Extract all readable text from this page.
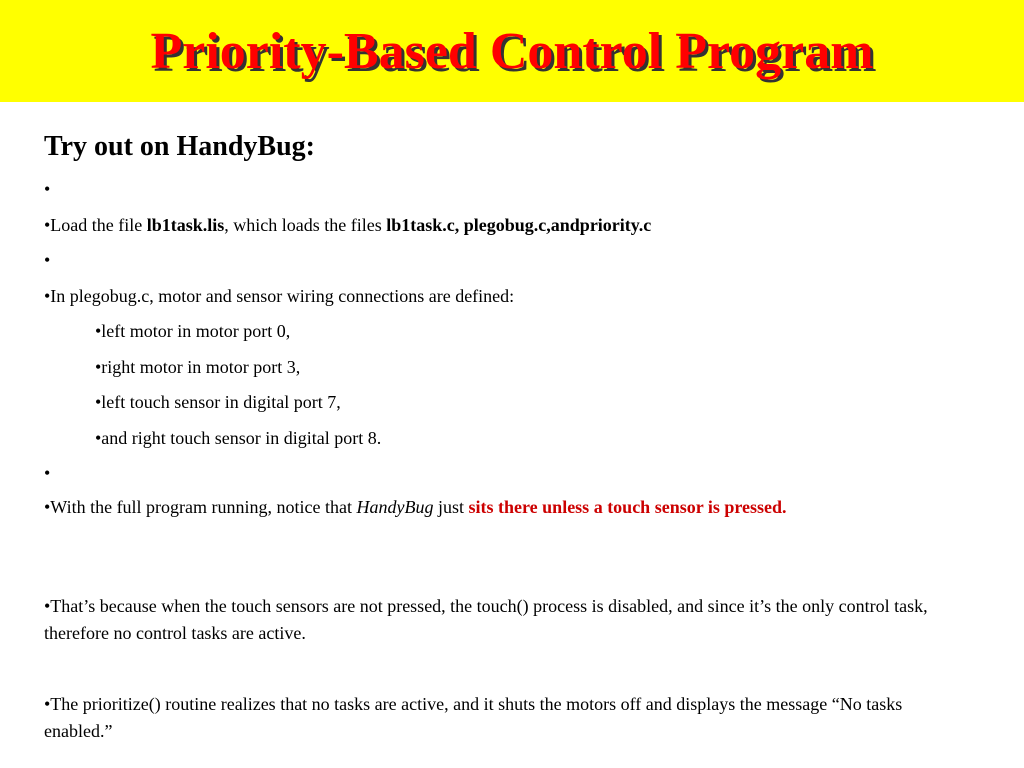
Priority-Based Control Program
Try out on HandyBug:
•
•Load the file lb1task.lis, which loads the files lb1task.c, plegobug.c,andpriority.c
•
•In plegobug.c, motor and sensor wiring connections are defined:
•left motor in motor port 0,
•right motor in motor port 3,
•left touch sensor in digital port 7,
•and right touch sensor in digital port 8.
•
•With the full program running, notice that HandyBug just sits there unless a touch sensor is pressed.
•That’s because when the touch sensors are not pressed, the touch() process is disabled, and since it’s the only control task, therefore no control tasks are active.
•The prioritize() routine realizes that no tasks are active, and it shuts the motors off and displays the message “No tasks enabled.”
